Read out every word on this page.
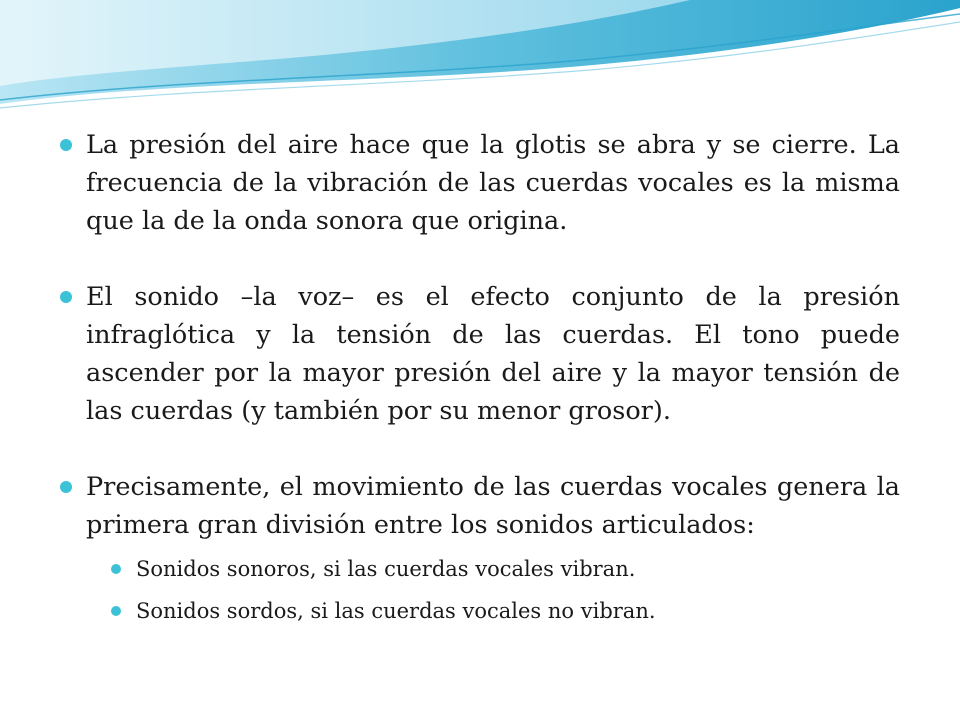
La presión del aire hace que la glotis se abra y se cierre. La frecuencia de la vibración de las cuerdas vocales es la misma que la de la onda sonora que origina.
El sonido –la voz– es el efecto conjunto de la presión infraglótica y la tensión de las cuerdas. El tono puede ascender por la mayor presión del aire y la mayor tensión de las cuerdas (y también por su menor grosor).
Precisamente, el movimiento de las cuerdas vocales genera la primera gran división entre los sonidos articulados:
Sonidos sonoros, si las cuerdas vocales vibran.
Sonidos sordos, si las cuerdas vocales no vibran.
